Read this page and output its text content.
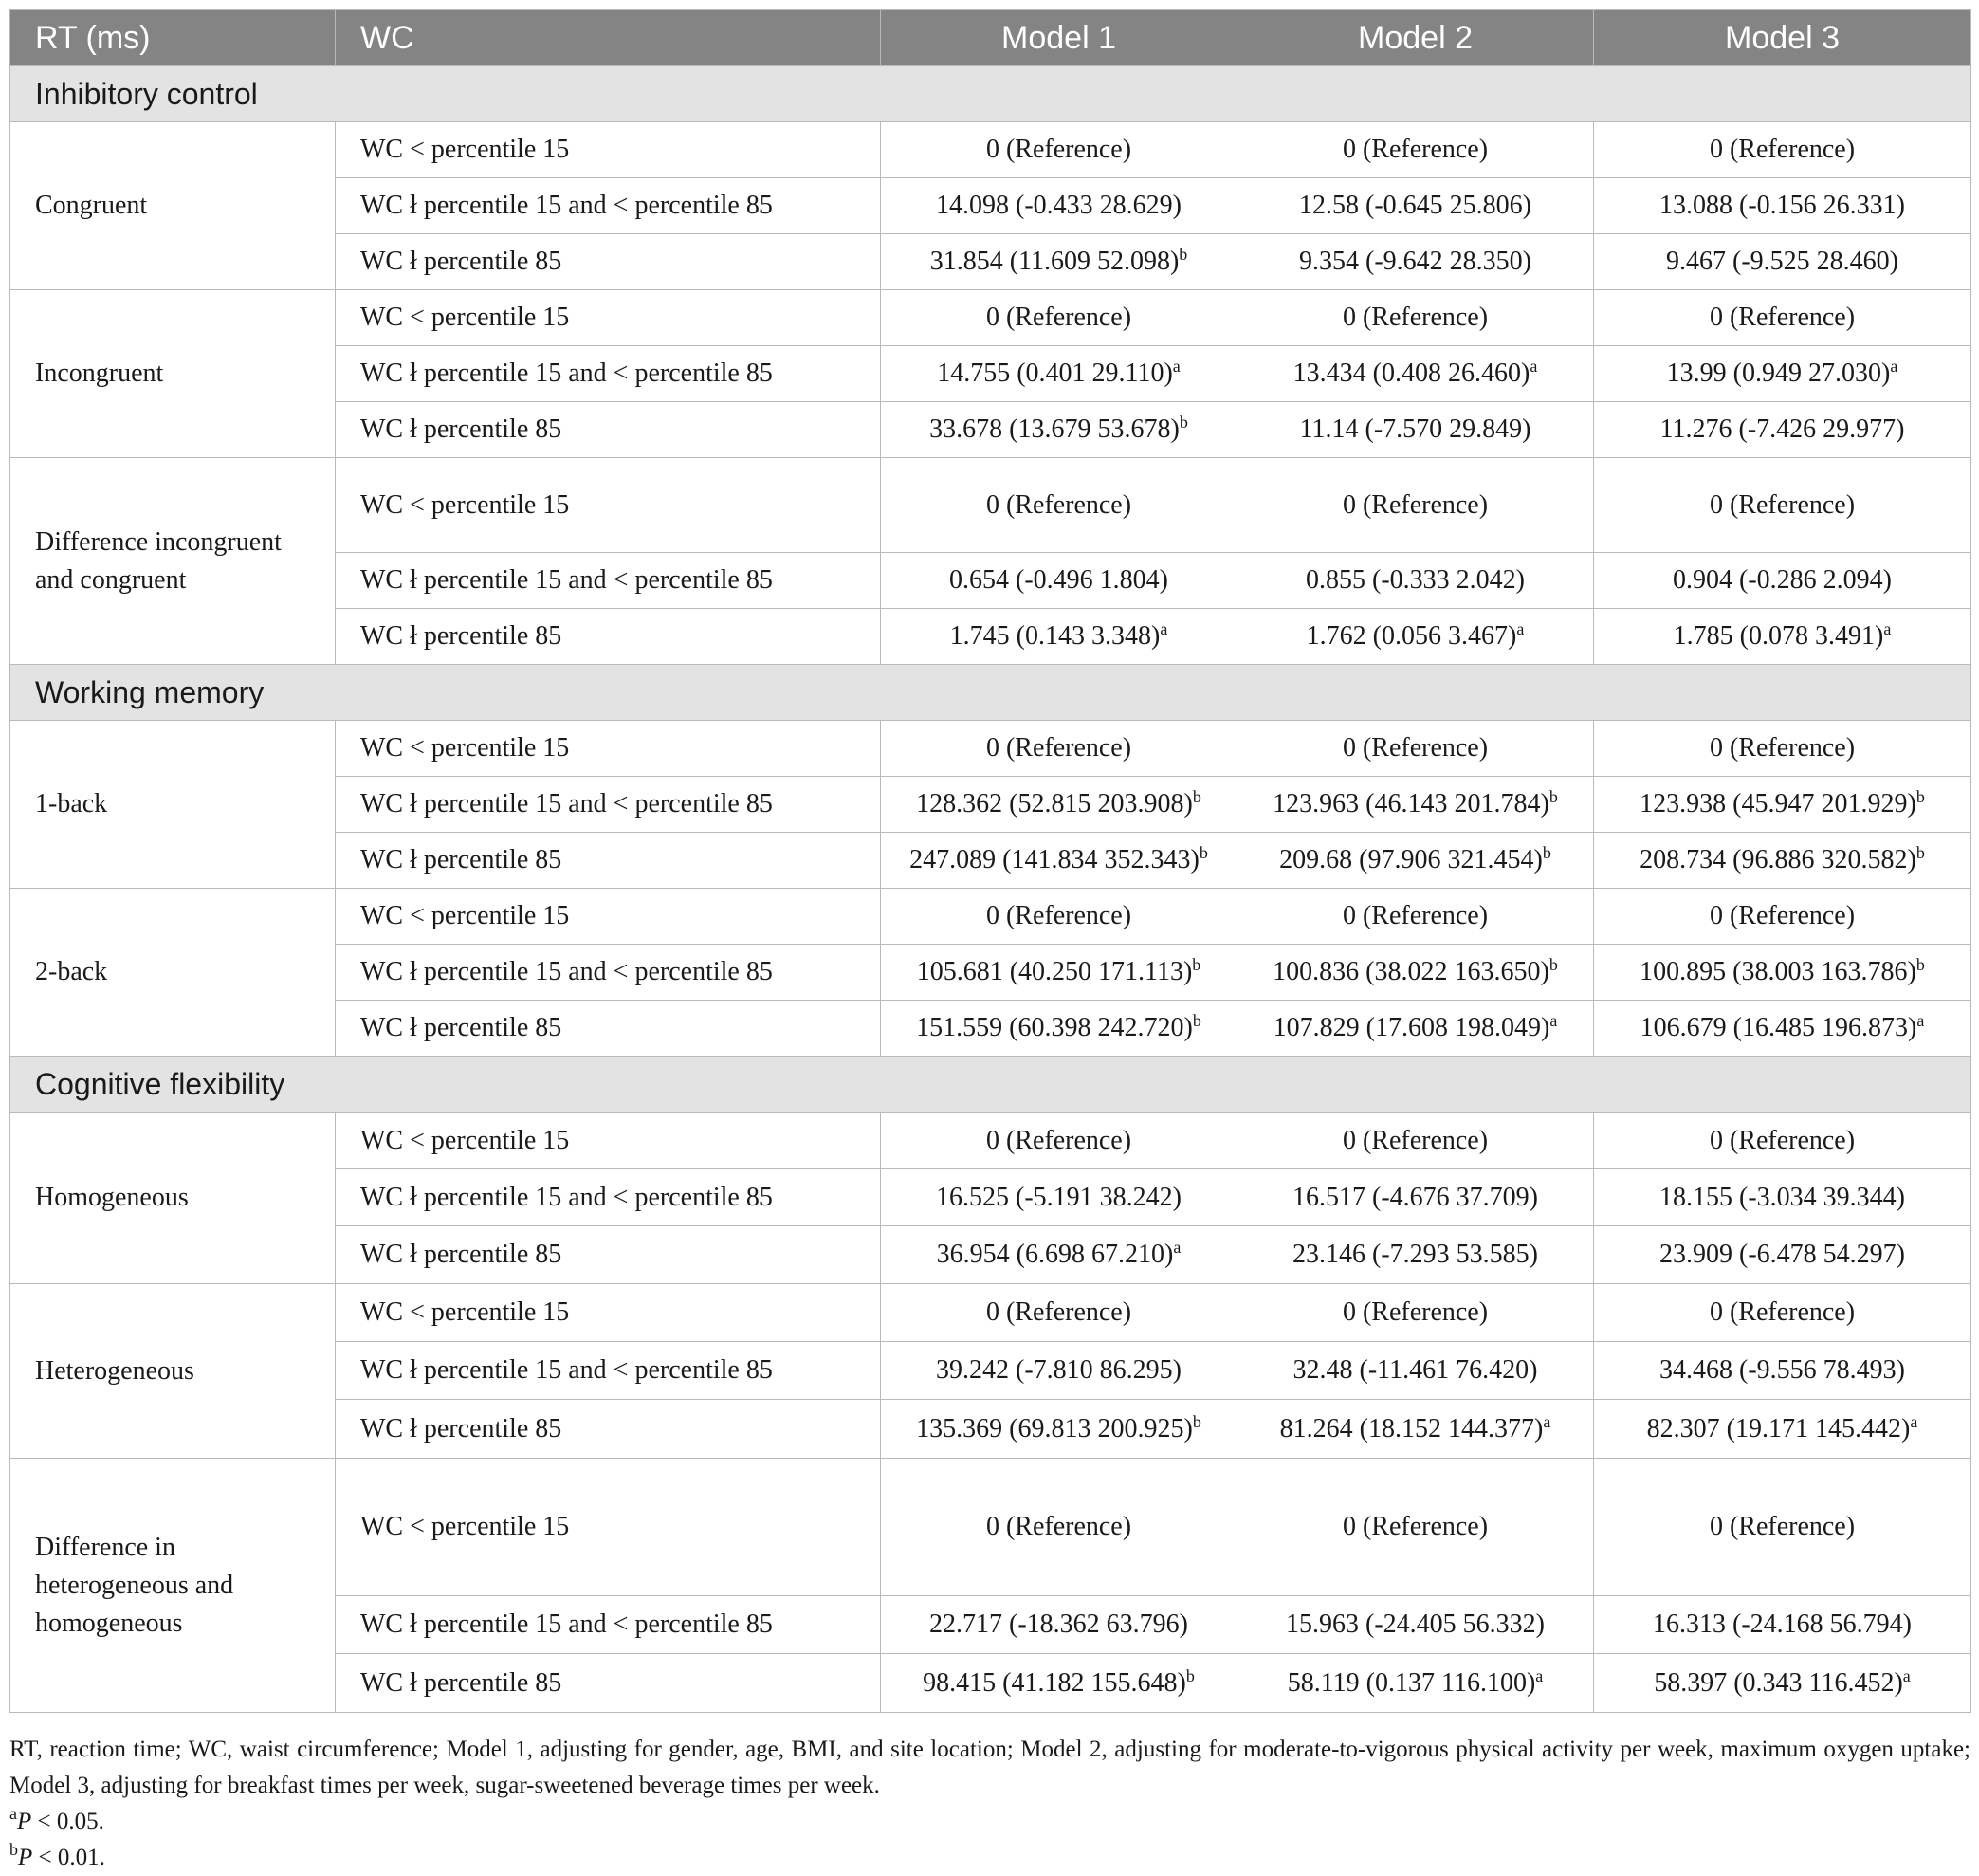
RT (ms)	WC	Model 1	Model 2	Model 3
Inhibitory control				
Congruent	WC < percentile 15	0 (Reference)	0 (Reference)	0 (Reference)
	WC ł percentile 15 and < percentile 85	14.098 (-0.433 28.629)	12.58 (-0.645 25.806)	13.088 (-0.156 26.331)
	WC ł percentile 85	31.854 (11.609 52.098)$^b$	9.354 (-9.642 28.350)	9.467 (-9.525 28.460)
Incongruent	WC < percentile 15	0 (Reference)	0 (Reference)	0 (Reference)
	WC ł percentile 15 and < percentile 85	14.755 (0.401 29.110)$^a$	13.434 (0.408 26.460)$^a$	13.99 (0.949 27.030)$^a$
	WC ł percentile 85	33.678 (13.679 53.678)$^b$	11.14 (-7.570 29.849)	11.276 (-7.426 29.977)
Difference incongruent
and congruent	WC < percentile 15	0 (Reference)	0 (Reference)	0 (Reference)
	WC ł percentile 15 and < percentile 85	0.654 (-0.496 1.804)	0.855 (-0.333 2.042)	0.904 (-0.286 2.094)
	WC ł percentile 85	1.745 (0.143 3.348)$^a$	1.762 (0.056 3.467)$^a$	1.785 (0.078 3.491)$^a$
Working memory				
1-back	WC < percentile 15	0 (Reference)	0 (Reference)	0 (Reference)
	WC ł percentile 15 and < percentile 85	128.362 (52.815 203.908)$^b$	123.963 (46.143 201.784)$^b$	123.938 (45.947 201.929)$^b$
	WC ł percentile 85	247.089 (141.834 352.343)$^b$	209.68 (97.906 321.454)$^b$	208.734 (96.886 320.582)$^b$
2-back	WC < percentile 15	0 (Reference)	0 (Reference)	0 (Reference)
	WC ł percentile 15 and < percentile 85	105.681 (40.250 171.113)$^b$	100.836 (38.022 163.650)$^b$	100.895 (38.003 163.786)$^b$
	WC ł percentile 85	151.559 (60.398 242.720)$^b$	107.829 (17.608 198.049)$^a$	106.679 (16.485 196.873)$^a$
Cognitive flexibility				
Homogeneous	WC < percentile 15	0 (Reference)	0 (Reference)	0 (Reference)
	WC ł percentile 15 and < percentile 85	16.525 (-5.191 38.242)	16.517 (-4.676 37.709)	18.155 (-3.034 39.344)
	WC ł percentile 85	36.954 (6.698 67.210)$^a$	23.146 (-7.293 53.585)	23.909 (-6.478 54.297)
Heterogeneous	WC < percentile 15	0 (Reference)	0 (Reference)	0 (Reference)
	WC ł percentile 15 and < percentile 85	39.242 (-7.810 86.295)	32.48 (-11.461 76.420)	34.468 (-9.556 78.493)
	WC ł percentile 85	135.369 (69.813 200.925)$^b$	81.264 (18.152 144.377)$^a$	82.307 (19.171 145.442)$^a$
Difference in
heterogeneous and
homogeneous	WC < percentile 15	0 (Reference)	0 (Reference)	0 (Reference)
	WC ł percentile 15 and < percentile 85	22.717 (-18.362 63.796)	15.963 (-24.405 56.332)	16.313 (-24.168 56.794)
	WC ł percentile 85	98.415 (41.182 155.648)$^b$	58.119 (0.137 116.100)$^a$	58.397 (0.343 116.452)$^a$

RT, reaction time; WC, waist circumference; Model 1, adjusting for gender, age, BMI, and site location; Model 2, adjusting for moderate-to-vigorous physical activity per week, maximum oxygen uptake; Model 3, adjusting for breakfast times per week, sugar-sweetened beverage times per week.

$^a$P < 0.05.

$^b$P < 0.01.
